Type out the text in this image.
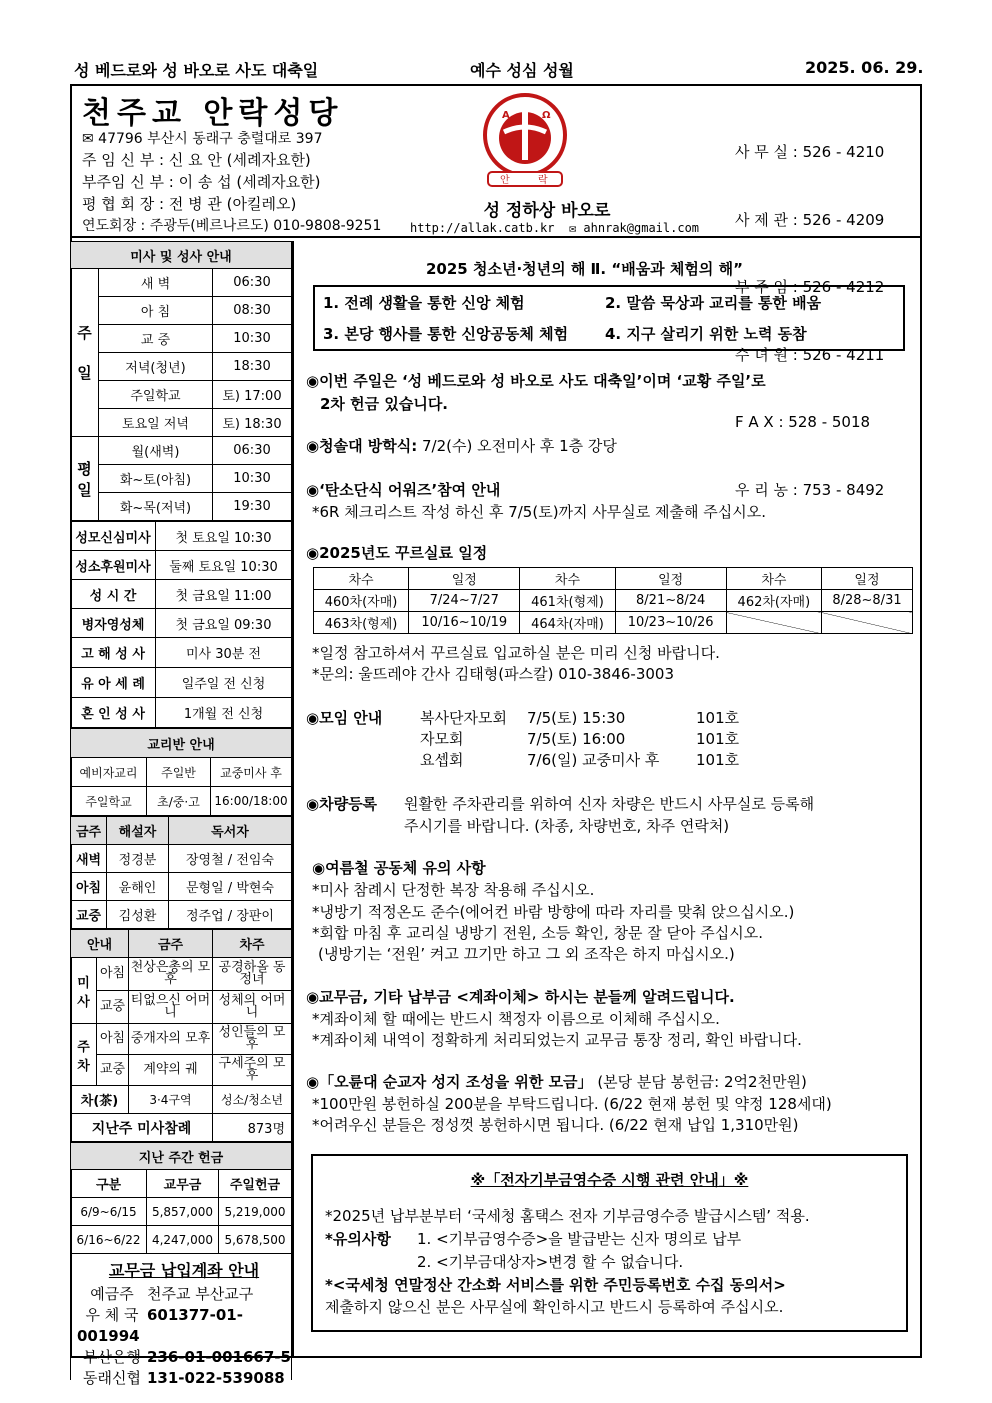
성 베드로와 성 바오로 사도 대축일	예수 성심 성월	2025. 06. 29.
천주교 안락성당
✉ 47796 부산시 동래구 충렬대로 397
주 임 신 부 : 신 요 안 (세례자요한)
부주임 신 부 : 이 송 섭 (세례자요한)
평 협 회 장 : 전 병 관 (아킬레오)
연도회장 : 주광두(베르나르도) 010-9808-9251
A	Ω
안	락
성 정하상 바오로
http://allak.catb.kr ✉ ahnrak@gmail.com

사 무 실 : 526 - 4210

사 제 관 : 526 - 4209

부 주 임 : 526 - 4212

수 녀 원 : 526 - 4211

F A X : 528 - 5018

우 리 농 : 753 - 8492

미사 및 성사 안내		
주일	새 벽	06:30
	아 침	08:30
	교 중	10:30
	저녁(청년)	18:30
	주일학교	토) 17:00
	토요일 저녁	토) 18:30
평일	월(새벽)	06:30
	화~토(아침)	10:30
	화~목(저녁)	19:30
성모신심미사	첫 토요일 10:30
성소후원미사	둘째 토요일 10:30
성 시 간	첫 금요일 11:00
병자영성체	첫 금요일 09:30
고 해 성 사	미사 30분 전
유 아 세 례	일주일 전 신청
혼 인 성 사	1개월 전 신청
교리반 안내		
예비자교리	주일반	교중미사 후
주일학교	초/중·고	16:00/18:00
금주	해설자	독서자
새벽	정경분	장영철 / 전임숙
아침	윤해인	문형일 / 박현숙
교중	김성환	정주업 / 장판이
안내		금주	차주
미사	아침	천상은총의 모후	공경하올 동정녀
	교중	티없으신 어머니	성체의 어머니
주차	아침	중개자의 모후	성인들의 모후
	교중	계약의 궤	구세주의 모후
차(茶)		3·4구역	성소/청소년
지난주 미사참례			873명
지난 주간 헌금		
구분	교무금	주일헌금
6/9~6/15	5,857,000	5,219,000
6/16~6/22	4,247,000	5,678,500
교무금 납입계좌 안내
예금주 천주교 부산교구
우 체 국 601377-01-001994
부산은행 236-01-001667-5
동래신협 131-022-539088
2025 청소년·청년의 해 Ⅱ. “배움과 체험의 해”
1. 전례 생활을 통한 신앙 체험	2. 말씀 묵상과 교리를 통한 배움
3. 본당 행사를 통한 신앙공동체 체험 4. 지구 살리기 위한 노력 동참
◉이번 주일은 ‘성 베드로와 성 바오로 사도 대축일’이며 ‘교황 주일’로
2차 헌금 있습니다.
◉청솔대 방학식: 7/2(수) 오전미사 후 1층 강당
◉‘탄소단식 어워즈’참여 안내
*6R 체크리스트 작성 하신 후 7/5(토)까지 사무실로 제출해 주십시오.
◉2025년도 꾸르실료 일정
차수	일정	차수	일정	차수	일정
460차(자매)	7/24~7/27	461차(형제)	8/21~8/24	462차(자매)	8/28~8/31
463차(형제)	10/16~10/19	464차(자매)	10/23~10/26		
*일정 참고하셔서 꾸르실료 입교하실 분은 미리 신청 바랍니다.
*문의: 울뜨레야 간사 김태형(파스칼) 010-3846-3003
◉모임 안내	복사단자모회 7/5(토) 15:30	101호
자모회	7/5(토) 16:00	101호
요셉회	7/6(일) 교중미사 후 101호
◉차량등록 원활한 주차관리를 위하여 신자 차량은 반드시 사무실로 등록해
주시기를 바랍니다. (차종, 차량번호, 차주 연락처)
◉여름철 공동체 유의 사항
*미사 참례시 단정한 복장 착용해 주십시오.
*냉방기 적정온도 준수(에어컨 바람 방향에 따라 자리를 맞춰 앉으십시오.)
*회합 마침 후 교리실 냉방기 전원, 소등 확인, 창문 잘 닫아 주십시오.
(냉방기는 ‘전원’ 켜고 끄기만 하고 그 외 조작은 하지 마십시오.)
◉교무금, 기타 납부금 <계좌이체> 하시는 분들께 알려드립니다.
*계좌이체 할 때에는 반드시 책정자 이름으로 이체해 주십시오.
*계좌이체 내역이 정확하게 처리되었는지 교무금 통장 정리, 확인 바랍니다.
◉「오륜대 순교자 성지 조성을 위한 모금」 (본당 분담 봉헌금: 2억2천만원)
*100만원 봉헌하실 200분을 부탁드립니다. (6/22 현재 봉헌 및 약정 128세대)
*어려우신 분들은 정성껏 봉헌하시면 됩니다. (6/22 현재 납입 1,310만원)
※「전자기부금영수증 시행 관련 안내」※
*2025년 납부분부터 ‘국세청 홈택스 전자 기부금영수증 발급시스템’ 적용.
*유의사항 1. <기부금영수증>을 발급받는 신자 명의로 납부
2. <기부금대상자>변경 할 수 없습니다.
*<국세청 연말정산 간소화 서비스를 위한 주민등록번호 수집 동의서>
제출하지 않으신 분은 사무실에 확인하시고 반드시 등록하여 주십시오.
